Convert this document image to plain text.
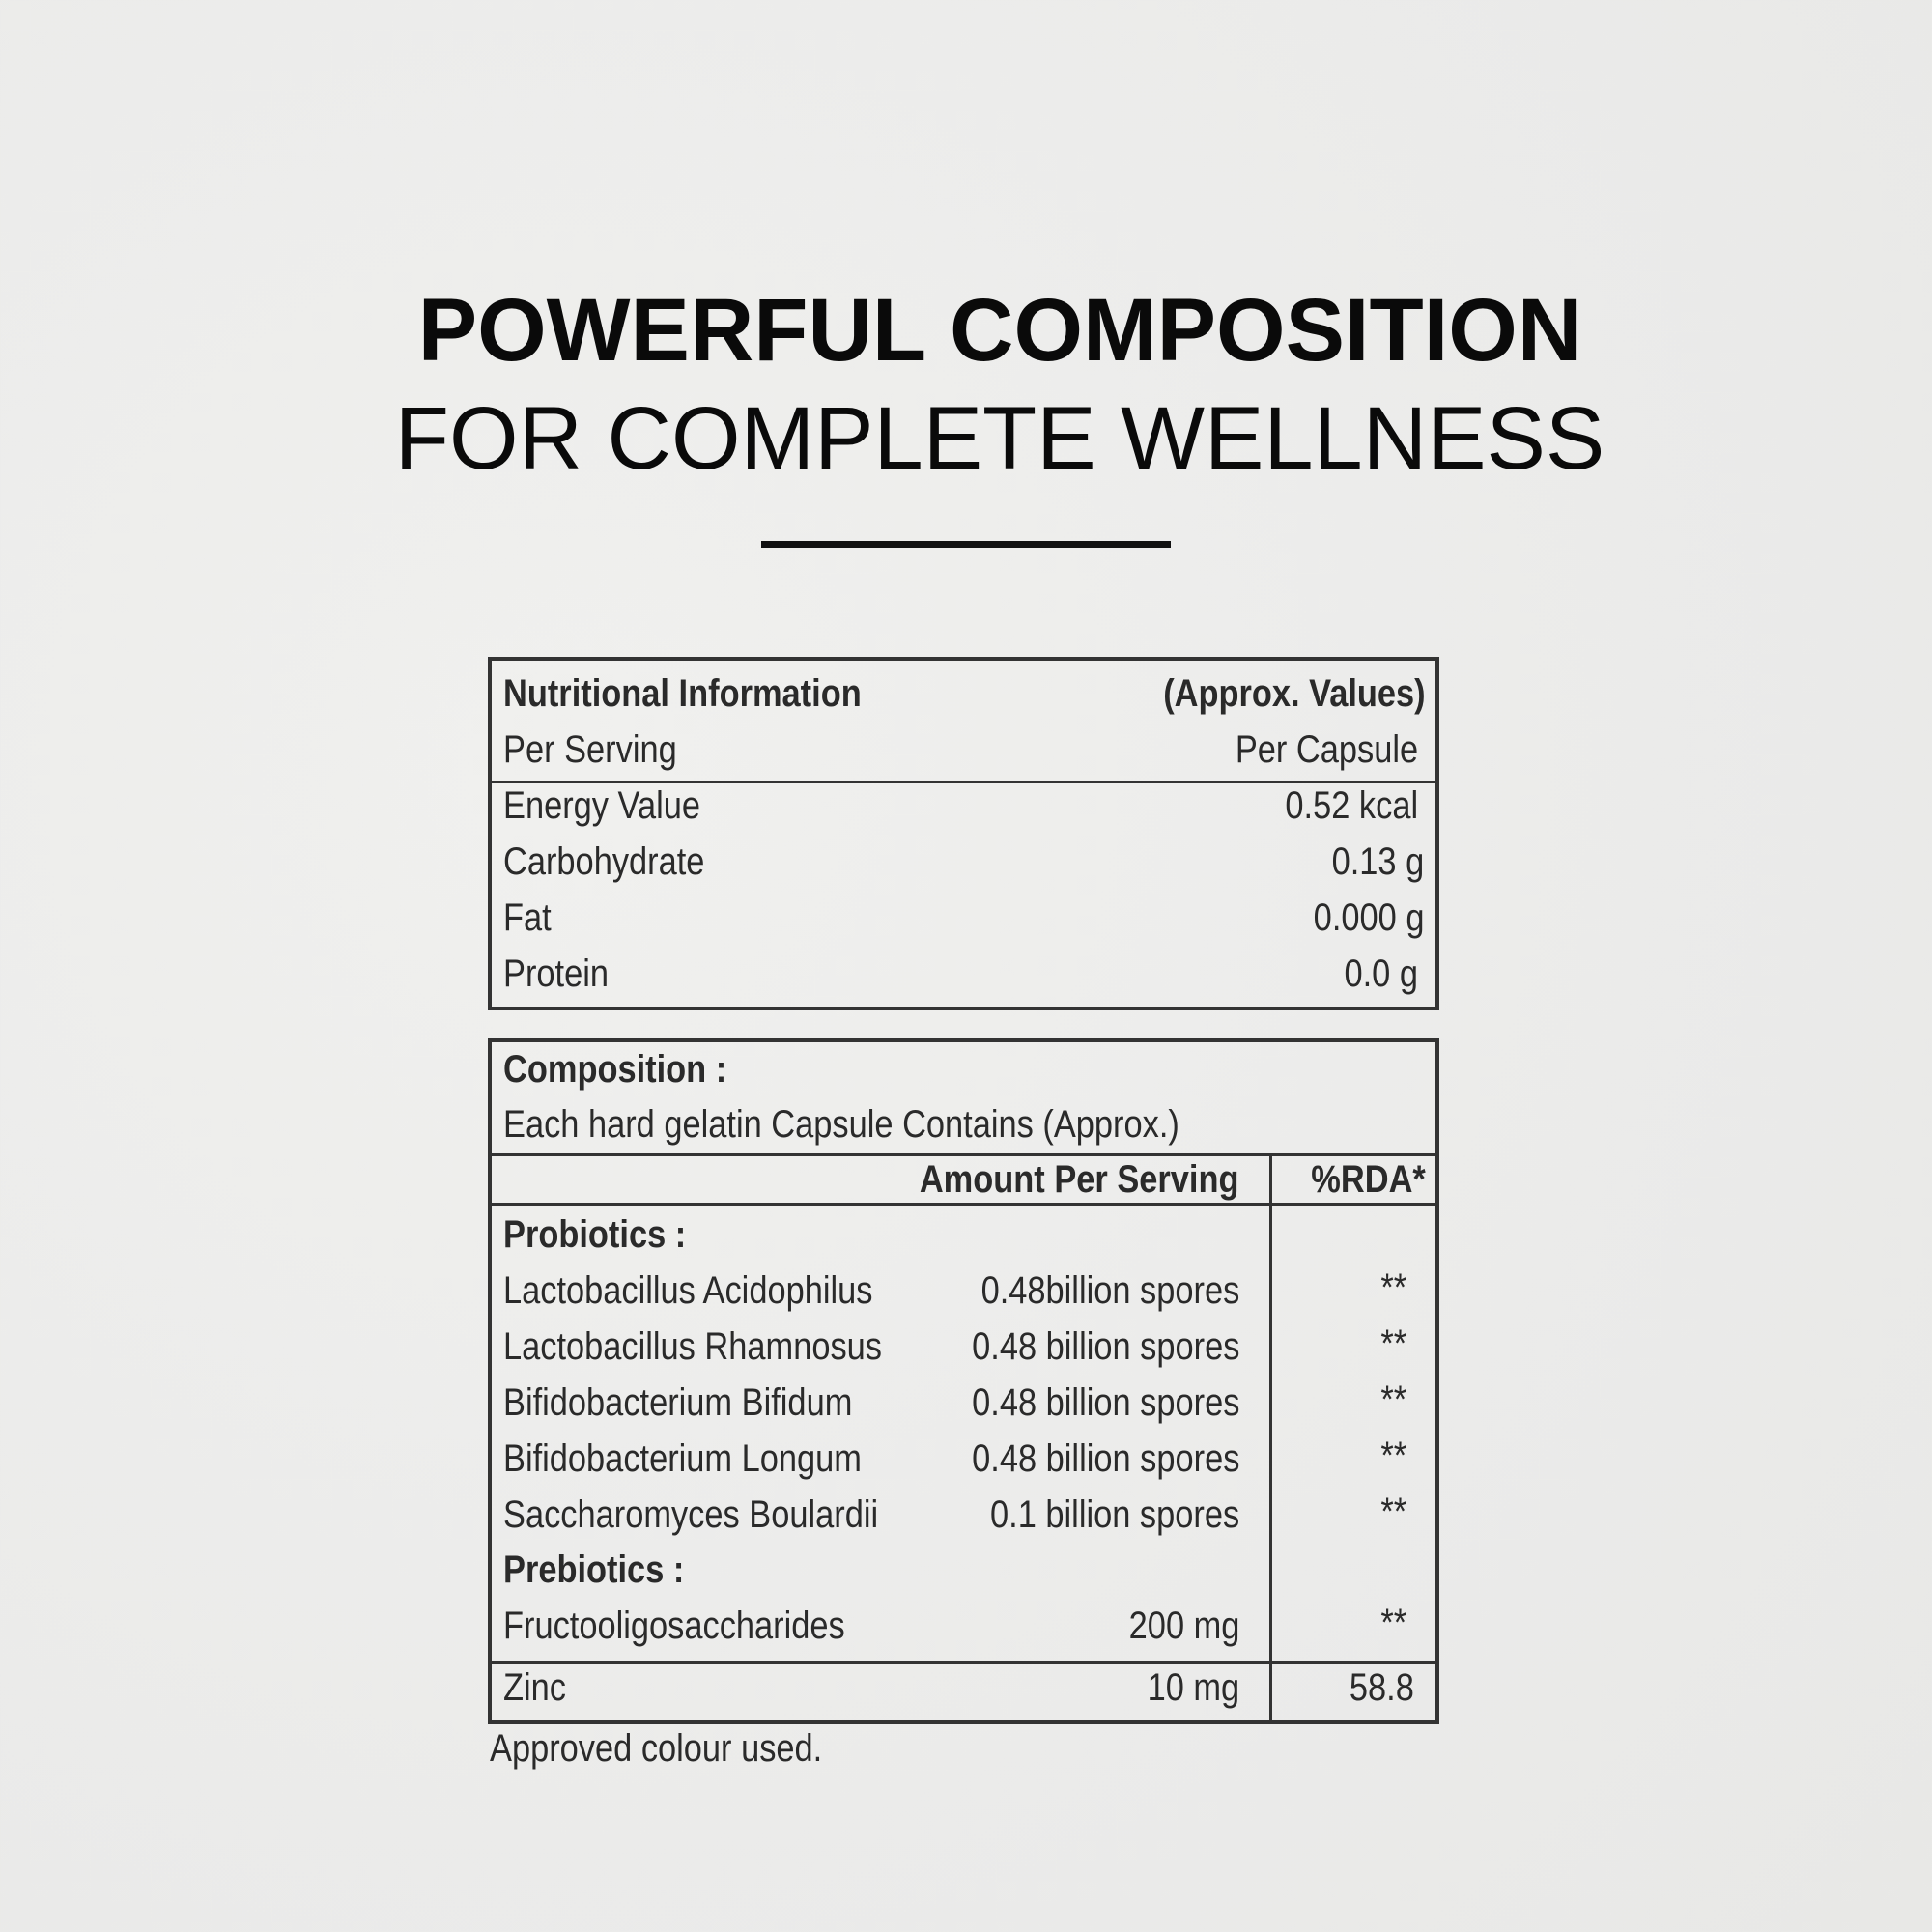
POWERFUL COMPOSITION
FOR COMPLETE WELLNESS
Nutritional Information	(Approx. Values)
Per Serving	Per Capsule
Energy Value	0.52 kcal
Carbohydrate	0.13 g
Fat	0.000 g
Protein	0.0 g
Composition :
Each hard gelatin Capsule Contains (Approx.)
Amount Per Serving %RDA*
Probiotics :
Lactobacillus Acidophilus	0.48billion spores	**
Lactobacillus Rhamnosus 0.48 billion spores	**
Bifidobacterium Bifidum	0.48 billion spores	**
Bifidobacterium Longum	0.48 billion spores	**
Saccharomyces Boulardii	0.1 billion spores	**
Prebiotics :
Fructooligosaccharides	200 mg	**
Zinc	10 mg	58.8
Approved colour used.
